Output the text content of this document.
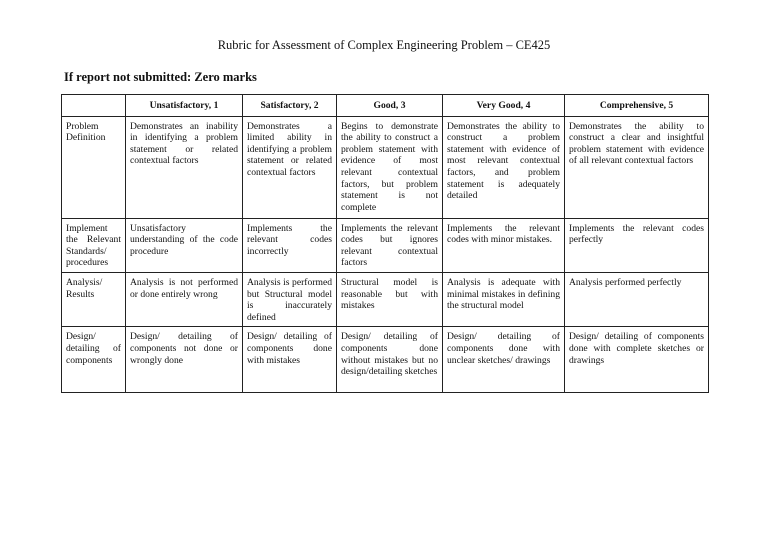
Rubric for Assessment of Complex Engineering Problem – CE425
If report not submitted: Zero marks
	Unsatisfactory, 1	Satisfactory, 2	Good, 3	Very Good, 4	Comprehensive, 5
Problem Definition	Demonstrates an inability in identifying a problem statement or related contextual factors	Demonstrates a limited ability in identifying a problem statement or related contextual factors	Begins to demonstrate the ability to construct a problem statement with evidence of most relevant contextual factors, but problem statement is not complete	Demonstrates the ability to construct a problem statement with evidence of most relevant contextual factors, and problem statement is adequately detailed	Demonstrates the ability to construct a clear and insightful problem statement with evidence of all relevant contextual factors
Implement the Relevant Standards/ procedures	Unsatisfactory understanding of the code procedure	Implements the relevant codes incorrectly	Implements the relevant codes but ignores relevant contextual factors	Implements the relevant codes with minor mistakes.	Implements the relevant codes perfectly
Analysis/ Results	Analysis is not performed or done entirely wrong	Analysis is performed but Structural model is inaccurately defined	Structural model is reasonable but with mistakes	Analysis is adequate with minimal mistakes in defining the structural model	Analysis performed perfectly
Design/ detailing of components	Design/ detailing of components not done or wrongly done	Design/ detailing of components done with mistakes	Design/ detailing of components done without mistakes but no design/detailing sketches	Design/ detailing of components done with unclear sketches/ drawings	Design/ detailing of components done with complete sketches or drawings
